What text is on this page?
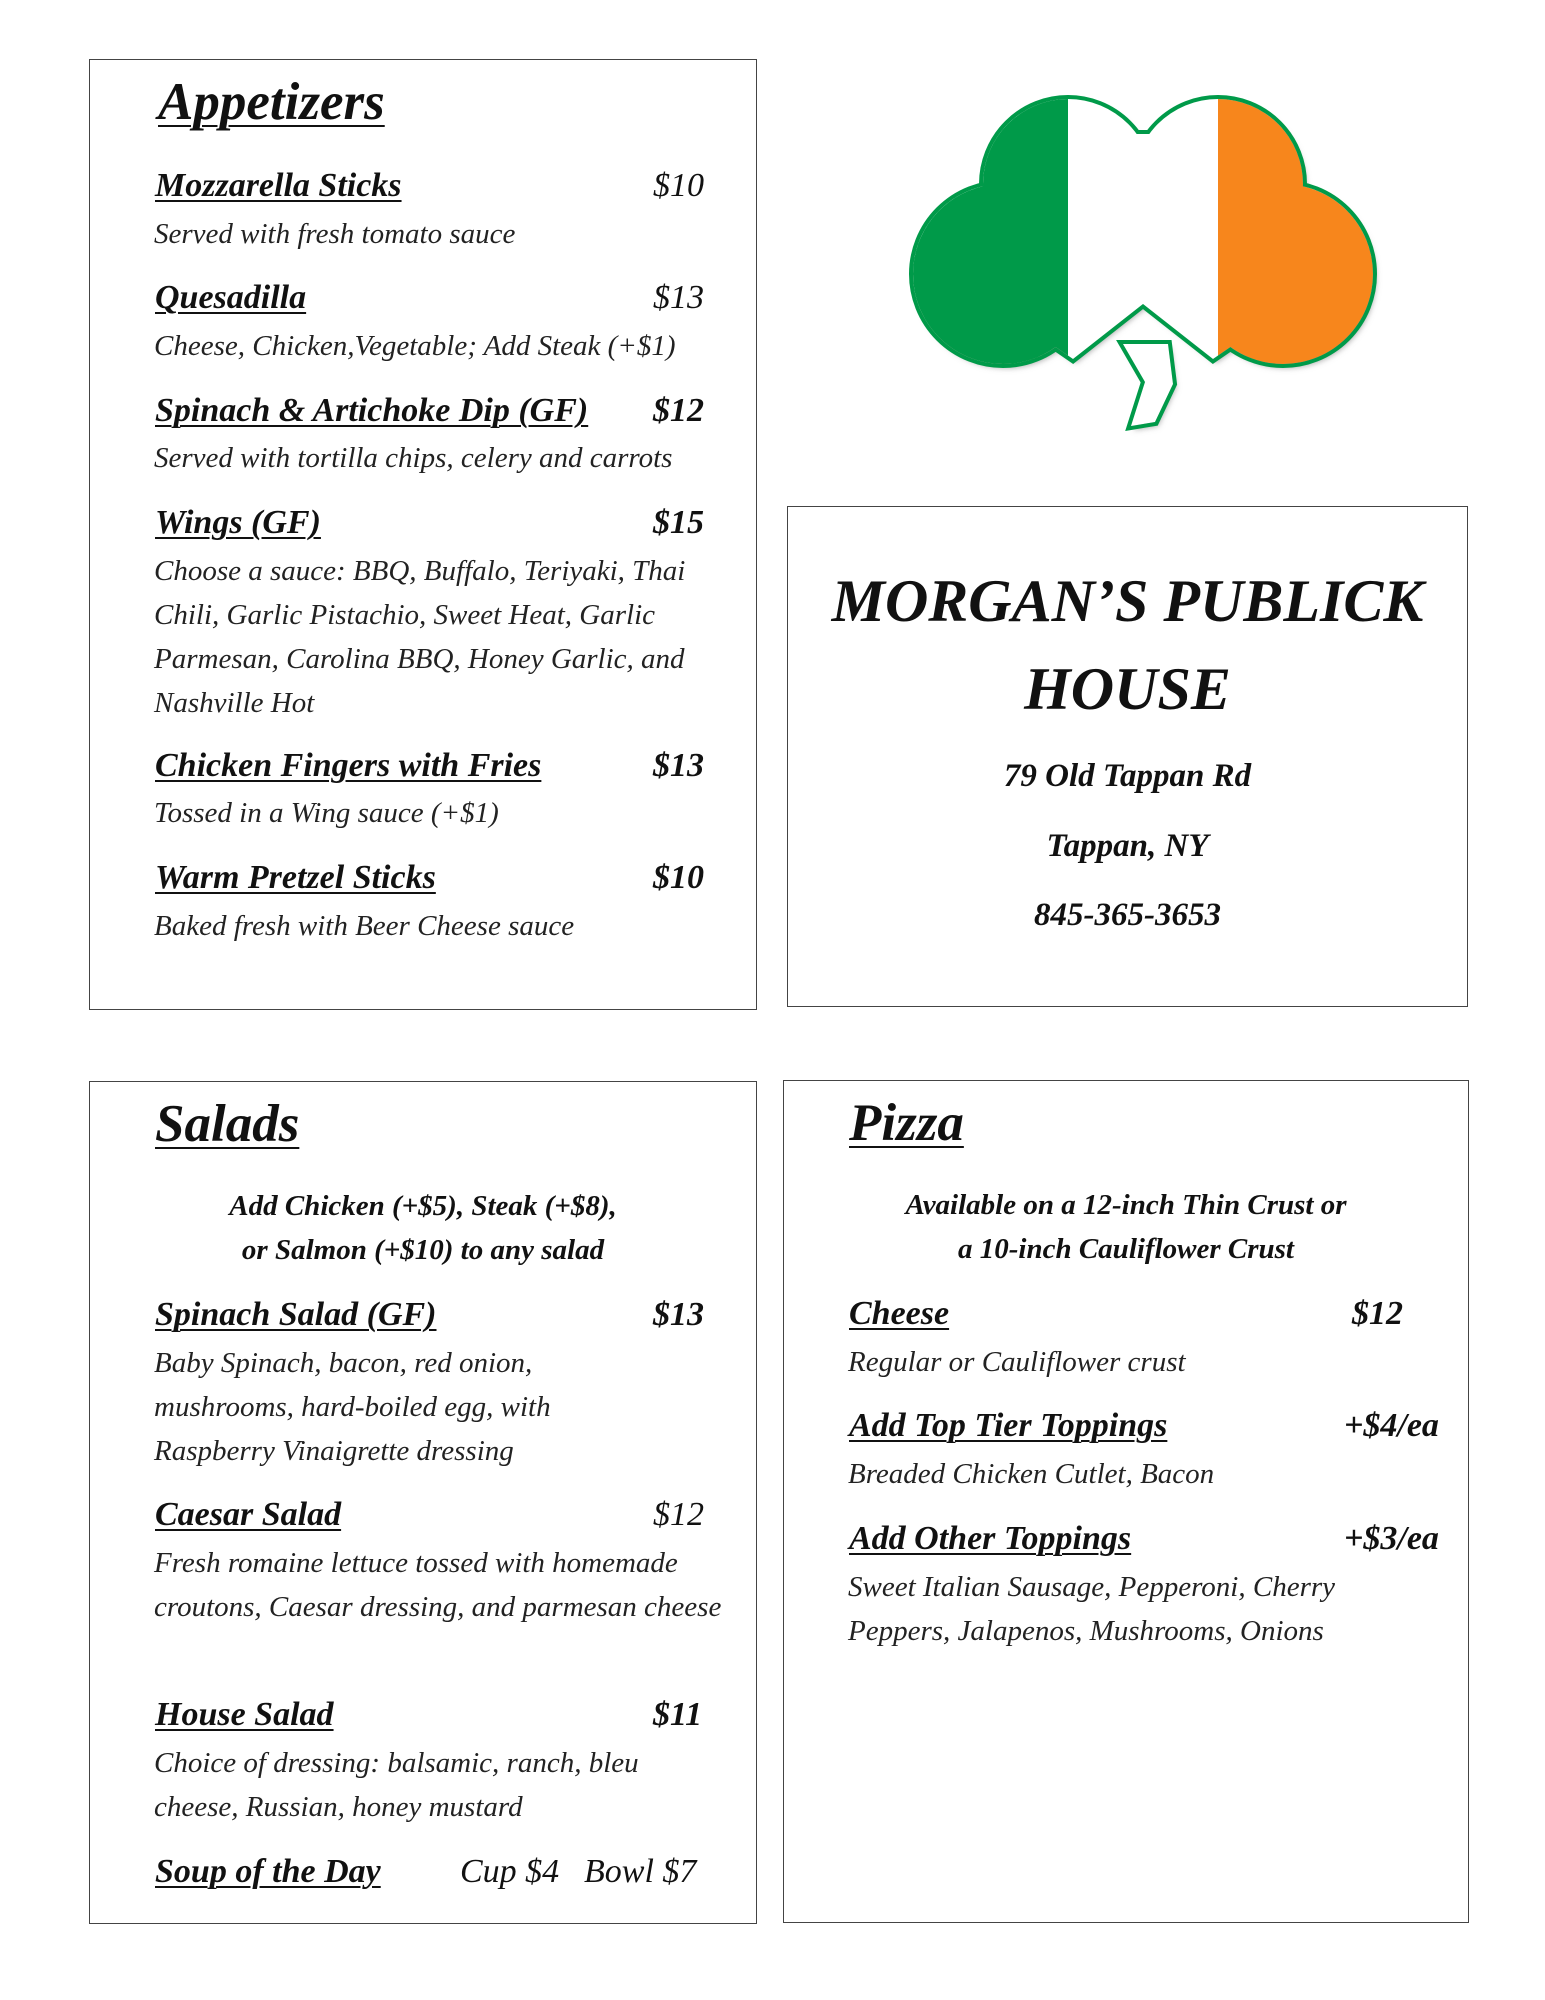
Appetizers
Mozzarella Sticks	$10
Served with fresh tomato sauce
Quesadilla	$13
Cheese, Chicken,Vegetable; Add Steak (+$1)
Spinach & Artichoke Dip (GF) $12
Served with tortilla chips, celery and carrots
Wings (GF)	$15
Choose a sauce: BBQ, Buffalo, Teriyaki, Thai Chili, Garlic Pistachio, Sweet Heat, Garlic Parmesan, Carolina BBQ, Honey Garlic, and Nashville Hot
Chicken Fingers with Fries	$13
Tossed in a Wing sauce (+$1)
Warm Pretzel Sticks	$10
Baked fresh with Beer Cheese sauce
MORGAN’S PUBLICK
HOUSE
79 Old Tappan Rd
Tappan, NY
845-365-3653
Salads
Add Chicken (+$5), Steak (+$8),
or Salmon (+$10) to any salad
Spinach Salad (GF)	$13
Baby Spinach, bacon, red onion, mushrooms, hard-boiled egg, with Raspberry Vinaigrette dressing
Caesar Salad	$12
Fresh romaine lettuce tossed with homemade croutons, Caesar dressing, and parmesan cheese
House Salad	$11
Choice of dressing: balsamic, ranch, bleu cheese, Russian, honey mustard
Soup of the Day Cup $4 Bowl $7
Pizza
Available on a 12-inch Thin Crust or
a 10-inch Cauliflower Crust
Cheese	$12
Regular or Cauliflower crust
Add Top Tier Toppings	+$4/ea
Breaded Chicken Cutlet, Bacon
Add Other Toppings	+$3/ea
Sweet Italian Sausage, Pepperoni, Cherry Peppers, Jalapenos, Mushrooms, Onions
